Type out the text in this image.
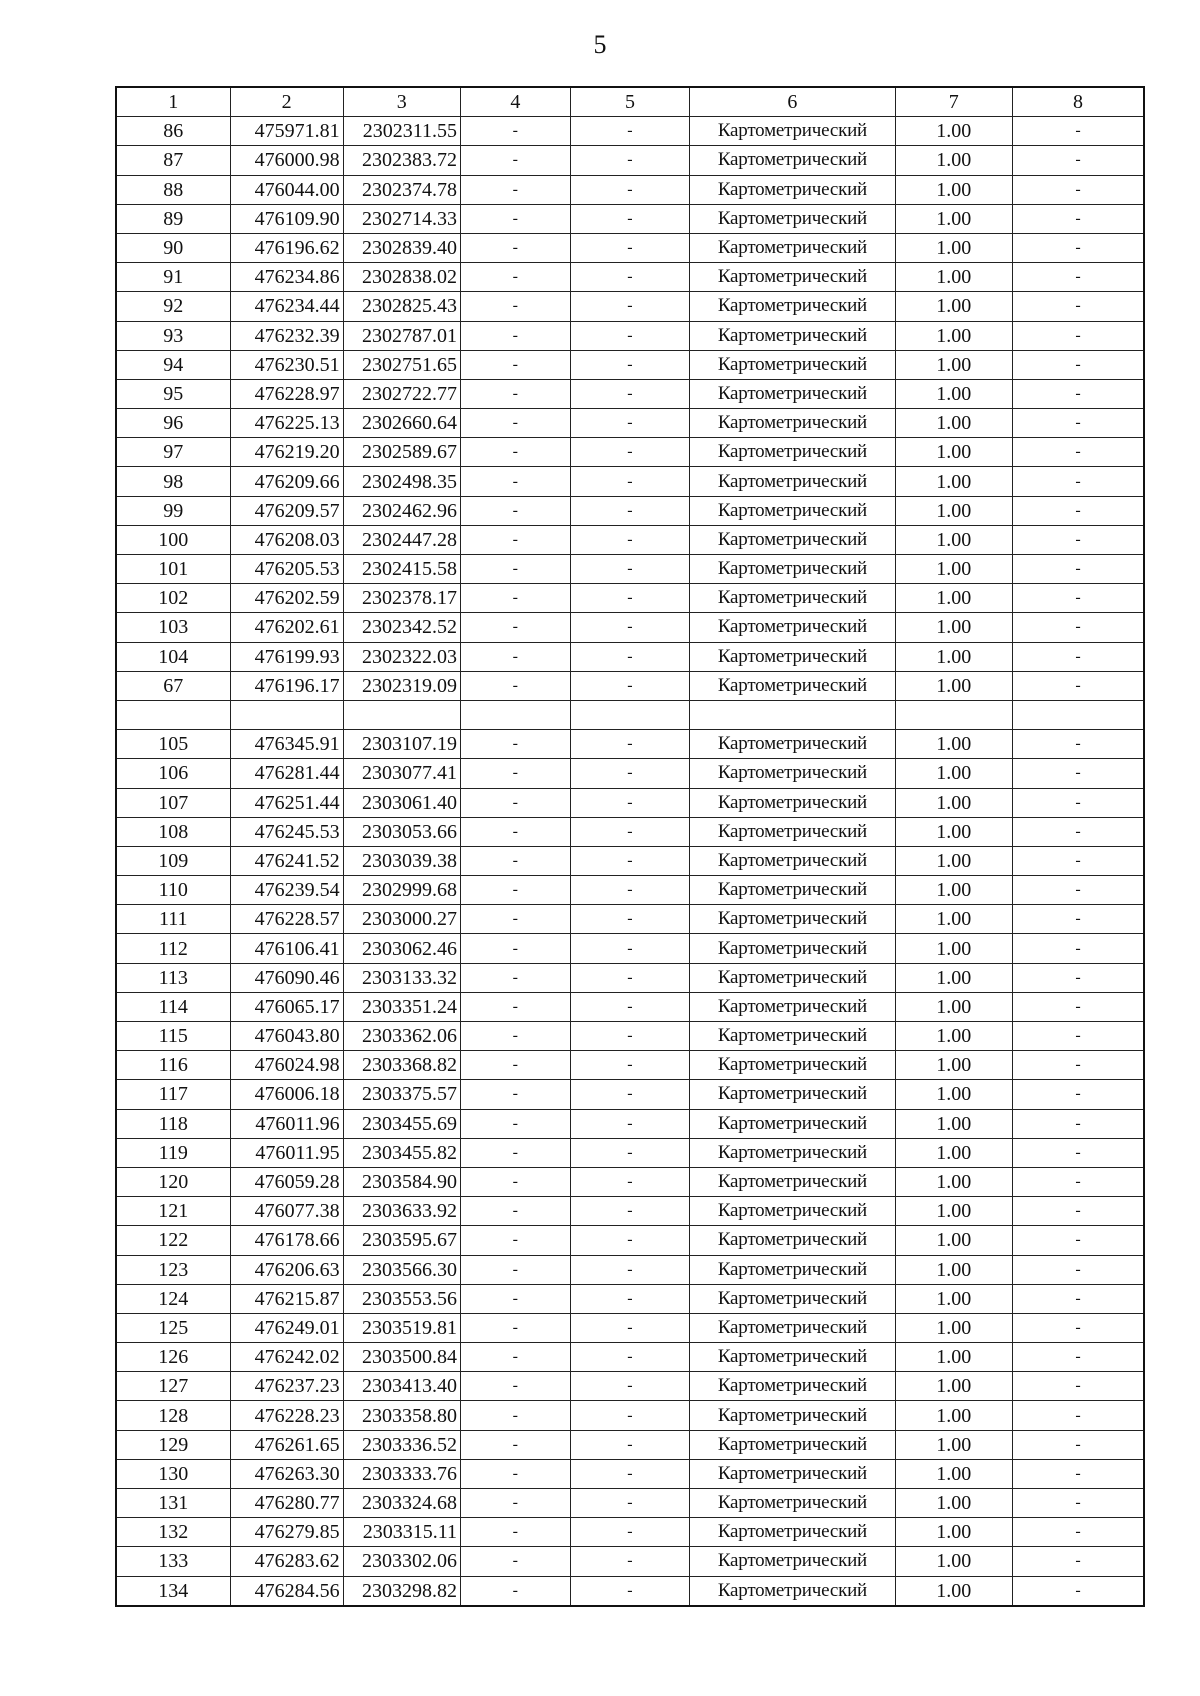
5
1	2	3	4	5	6	7	8
86	475971.81	2302311.55	-	-	Картометрический	1.00	-
87	476000.98	2302383.72	-	-	Картометрический	1.00	-
88	476044.00	2302374.78	-	-	Картометрический	1.00	-
89	476109.90	2302714.33	-	-	Картометрический	1.00	-
90	476196.62	2302839.40	-	-	Картометрический	1.00	-
91	476234.86	2302838.02	-	-	Картометрический	1.00	-
92	476234.44	2302825.43	-	-	Картометрический	1.00	-
93	476232.39	2302787.01	-	-	Картометрический	1.00	-
94	476230.51	2302751.65	-	-	Картометрический	1.00	-
95	476228.97	2302722.77	-	-	Картометрический	1.00	-
96	476225.13	2302660.64	-	-	Картометрический	1.00	-
97	476219.20	2302589.67	-	-	Картометрический	1.00	-
98	476209.66	2302498.35	-	-	Картометрический	1.00	-
99	476209.57	2302462.96	-	-	Картометрический	1.00	-
100	476208.03	2302447.28	-	-	Картометрический	1.00	-
101	476205.53	2302415.58	-	-	Картометрический	1.00	-
102	476202.59	2302378.17	-	-	Картометрический	1.00	-
103	476202.61	2302342.52	-	-	Картометрический	1.00	-
104	476199.93	2302322.03	-	-	Картометрический	1.00	-
67	476196.17	2302319.09	-	-	Картометрический	1.00	-

105	476345.91	2303107.19	-	-	Картометрический	1.00	-
106	476281.44	2303077.41	-	-	Картометрический	1.00	-
107	476251.44	2303061.40	-	-	Картометрический	1.00	-
108	476245.53	2303053.66	-	-	Картометрический	1.00	-
109	476241.52	2303039.38	-	-	Картометрический	1.00	-
110	476239.54	2302999.68	-	-	Картометрический	1.00	-
111	476228.57	2303000.27	-	-	Картометрический	1.00	-
112	476106.41	2303062.46	-	-	Картометрический	1.00	-
113	476090.46	2303133.32	-	-	Картометрический	1.00	-
114	476065.17	2303351.24	-	-	Картометрический	1.00	-
115	476043.80	2303362.06	-	-	Картометрический	1.00	-
116	476024.98	2303368.82	-	-	Картометрический	1.00	-
117	476006.18	2303375.57	-	-	Картометрический	1.00	-
118	476011.96	2303455.69	-	-	Картометрический	1.00	-
119	476011.95	2303455.82	-	-	Картометрический	1.00	-
120	476059.28	2303584.90	-	-	Картометрический	1.00	-
121	476077.38	2303633.92	-	-	Картометрический	1.00	-
122	476178.66	2303595.67	-	-	Картометрический	1.00	-
123	476206.63	2303566.30	-	-	Картометрический	1.00	-
124	476215.87	2303553.56	-	-	Картометрический	1.00	-
125	476249.01	2303519.81	-	-	Картометрический	1.00	-
126	476242.02	2303500.84	-	-	Картометрический	1.00	-
127	476237.23	2303413.40	-	-	Картометрический	1.00	-
128	476228.23	2303358.80	-	-	Картометрический	1.00	-
129	476261.65	2303336.52	-	-	Картометрический	1.00	-
130	476263.30	2303333.76	-	-	Картометрический	1.00	-
131	476280.77	2303324.68	-	-	Картометрический	1.00	-
132	476279.85	2303315.11	-	-	Картометрический	1.00	-
133	476283.62	2303302.06	-	-	Картометрический	1.00	-
134	476284.56	2303298.82	-	-	Картометрический	1.00	-
